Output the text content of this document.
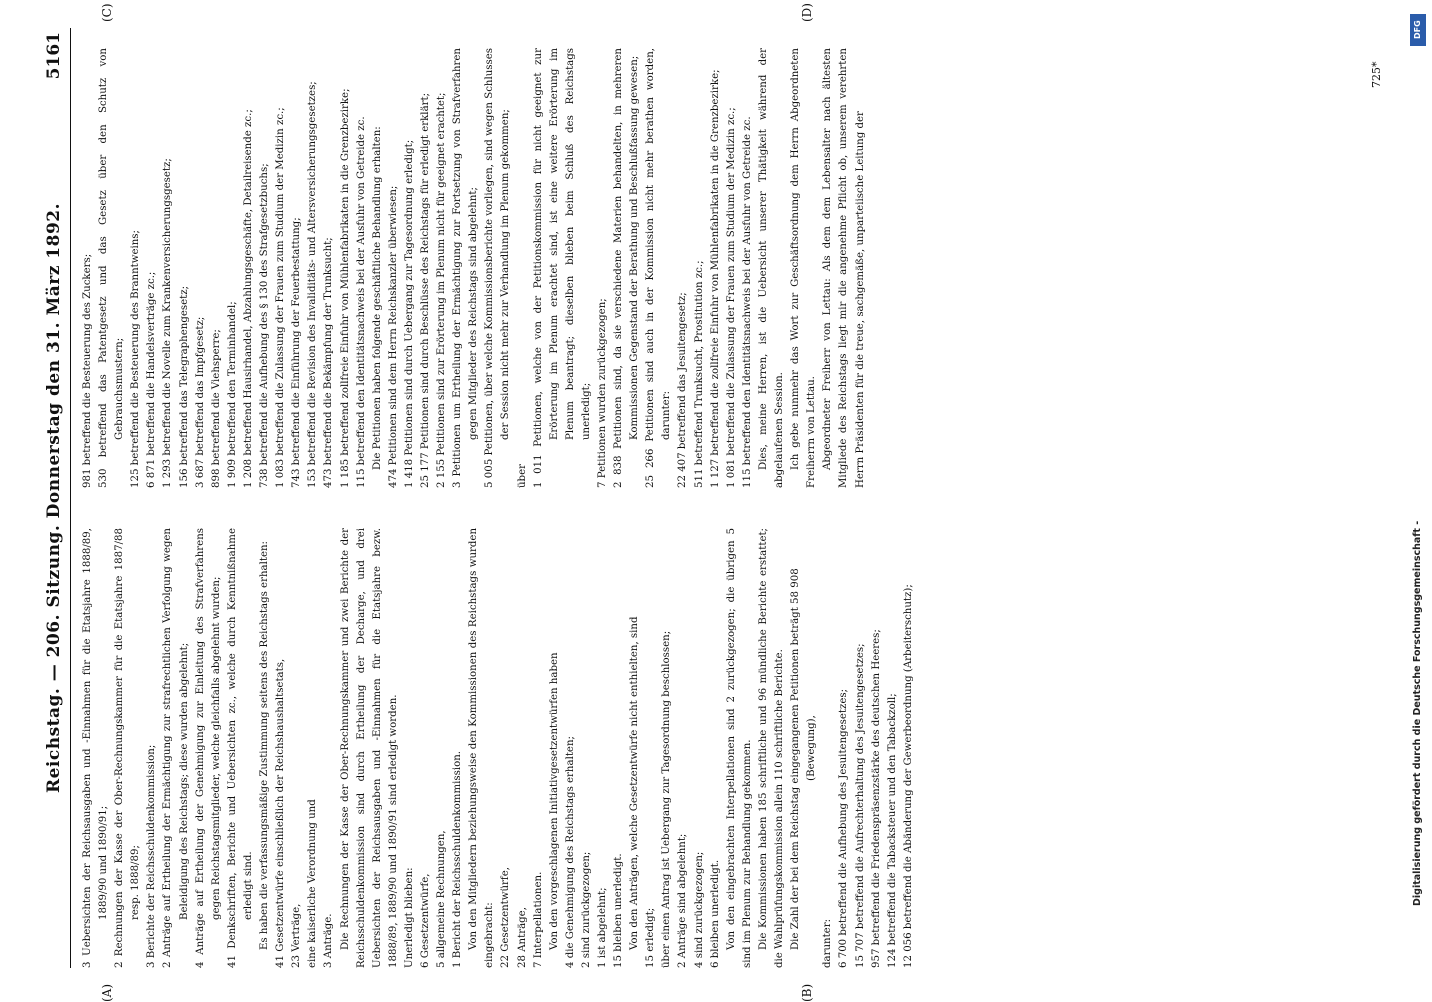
Reichstag. — 206. Sitzung. Donnerstag den 31. März 1892.
5161

3 Uebersichten der Reichsausgaben und -Einnahmen für die Etatsjahre 1888/89, 1889/90 und 1890/91; 2 Rechnungen der Kasse der Ober-Rechnungskammer für die Etatsjahre 1887/88 resp. 1888/89; 3 Berichte der Reichsschuldenkommission; 2 Anträge auf Ertheilung der Ermächtigung zur strafrechtlichen Verfolgung wegen Beleidigung des Reichstags; diese wurden abgelehnt; 4 Anträge auf Ertheilung der Genehmigung zur Einleitung des Strafverfahrens gegen Reichstagsmitglieder, welche gleichfalls abgelehnt wurden; 41 Denkschriften, Berichte und Uebersichten zc., welche durch Kenntnißnahme erledigt sind. Es haben die verfassungsmäßige Zustimmung seitens des Reichstags erhalten: 41 Gesetzentwürfe einschließlich der Reichshaushaltsetats, 23 Verträge, eine kaiserliche Verordnung und 3 Anträge. Die Rechnungen der Kasse der Ober-Rechnungskammer und zwei Berichte der Reichsschuldenkommission sind durch Ertheilung der Decharge, und drei Uebersichten der Reichsausgaben und -Einnahmen für die Etatsjahre bezw. 1888/89, 1889/90 und 1890/91 sind erledigt worden. Unerledigt blieben: 6 Gesetzentwürfe, 5 allgemeine Rechnungen, 1 Bericht der Reichsschuldenkommission. Von den Mitgliedern beziehungsweise den Kommissionen des Reichstags wurden eingebracht: 22 Gesetzentwürfe, 28 Anträge, 7 Interpellationen. Von den vorgeschlagenen Initiativgesetzentwürfen haben 4 die Genehmigung des Reichstags erhalten; 2 sind zurückgezogen; 1 ist abgelehnt; 15 bleiben unerledigt. Von den Anträgen, welche Gesetzentwürfe nicht enthielten, sind 15 erledigt; über einen Antrag ist Uebergang zur Tagesordnung beschlossen; 2 Anträge sind abgelehnt; 4 sind zurückgezogen; 6 bleiben unerledigt. Von den eingebrachten Interpellationen sind 2 zurückgezogen; die übrigen 5 sind im Plenum zur Behandlung gekommen. Die Kommissionen haben 185 schriftliche und 96 mündliche Berichte erstattet; die Wahlprüfungskommission allein 110 schriftliche Berichte. Die Zahl der bei dem Reichstag eingegangenen Petitionen beträgt 58 908 (Bewegung),

darunter: 6 700 betreffend die Aufhebung des Jesuitengesetzes; 15 707 betreffend die Aufrechterhaltung des Jesuitengesetzes; 957 betreffend die Friedenspräsenzstärke des deutschen Heeres; 124 betreffend die Tabacksteuer und den Tabackzoll; 12 056 betreffend die Abänderung der Gewerbeordnung (Arbeiterschutz);

981 betreffend die Besteuerung des Zuckers; 530 betreffend das Patentgesetz und das Gesetz über den Schutz von Gebrauchsmustern; 125 betreffend die Besteuerung des Branntweins; 6 871 betreffend die Handelsverträge zc.; 1 293 betreffend die Novelle zum Krankenversicherungsgesetz; 156 betreffend das Telegraphengesetz; 3 687 betreffend das Impfgesetz; 898 betreffend die Viehsperre; 1 909 betreffend den Terminhandel; 1 208 betreffend Hausirhandel, Abzahlungsgeschäfte, Detailreisende zc.; 738 betreffend die Aufhebung des § 130 des Strafgesetzbuchs; 1 083 betreffend die Zulassung der Frauen zum Studium der Medizin zc.; 743 betreffend die Einführung der Feuerbestattung; 153 betreffend die Revision des Invaliditäts- und Altersversicherungsgesetzes; 473 betreffend die Bekämpfung der Trunksucht; 1 185 betreffend zollfreie Einfuhr von Mühlenfabrikaten in die Grenzbezirke; 115 betreffend den Identitätsnachweis bei der Ausfuhr von Getreide zc. Die Petitionen haben folgende geschäftliche Behandlung erhalten: 474 Petitionen sind dem Herrn Reichskanzler überwiesen; 1 418 Petitionen sind durch Uebergang zur Tagesordnung erledigt; 25 177 Petitionen sind durch Beschlüsse des Reichstags für erledigt erklärt; 2 155 Petitionen sind zur Erörterung im Plenum nicht für geeignet erachtet; 3 Petitionen um Ertheilung der Ermächtigung zur Fortsetzung von Strafverfahren gegen Mitglieder des Reichstags sind abgelehnt; 5 005 Petitionen, über welche Kommissionsberichte vorliegen, sind wegen Schlusses der Session nicht mehr zur Verhandlung im Plenum gekommen;

über 1 011 Petitionen, welche von der Petitionskommission für nicht geeignet zur Erörterung im Plenum erachtet sind, ist eine weitere Erörterung im Plenum beantragt; dieselben blieben beim Schluß des Reichstags unerledigt; 7 Petitionen wurden zurückgezogen; 2 838 Petitionen sind, da sie verschiedene Materien behandelten, in mehreren Kommissionen Gegenstand der Berathung und Beschlußfassung gewesen; 25 266 Petitionen sind auch in der Kommission nicht mehr berathen worden, darunter: 22 407 betreffend das Jesuitengesetz; 511 betreffend Trunksucht, Prostitution zc.; 1 127 betreffend die zollfreie Einfuhr von Mühlenfabrikaten in die Grenzbezirke; 1 081 betreffend die Zulassung der Frauen zum Studium der Medizin zc.; 115 betreffend den Identitätsnachweis bei der Ausfuhr von Getreide zc. Dies, meine Herren, ist die Uebersicht unserer Thätigkeit während der abgelaufenen Session. Ich gebe nunmehr das Wort zur Geschäftsordnung dem Herrn Abgeordneten Freiherrn von Lettau. Abgeordneter Freiherr von Lettau: Als dem dem Lebensalter nach ältesten Mitgliede des Reichstags liegt mir die angenehme Pflicht ob, unserem verehrten Herrn Präsidenten für die treue, sachgemäße, unparteiische Leitung der

(A)	(B)
(C)	(D)
725*
DFG
Digitalisierung gefördert durch die Deutsche Forschungsgemeinschaft -
